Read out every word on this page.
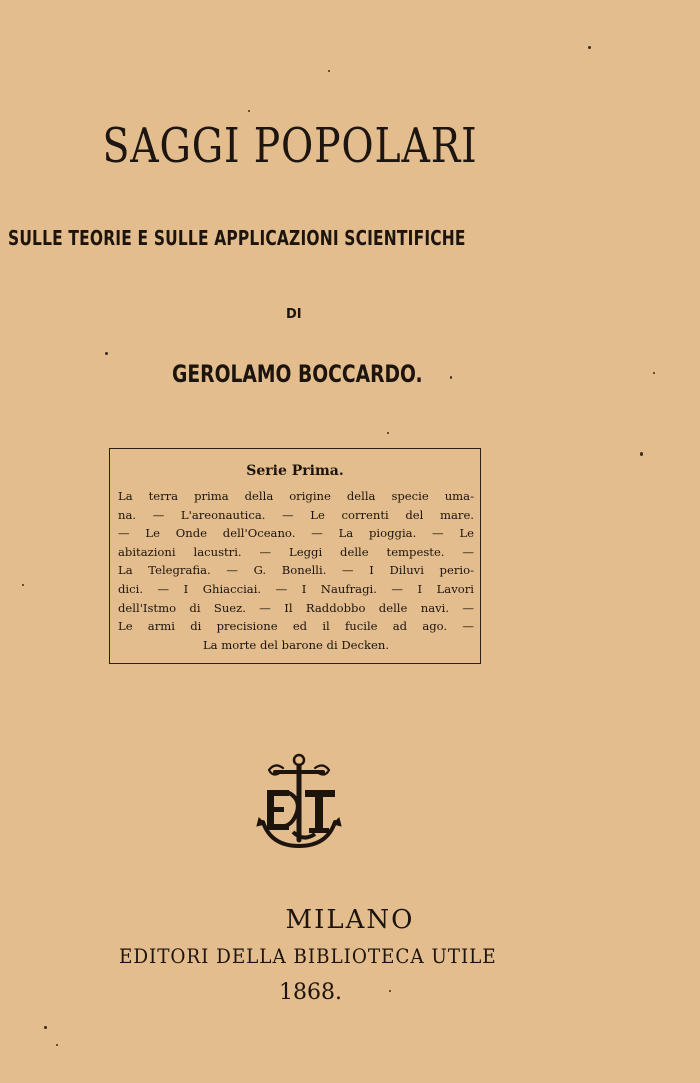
SAGGI POPOLARI
SULLE TEORIE E SULLE APPLICAZIONI SCIENTIFICHE
DI
GEROLAMO BOCCARDO.
Serie Prima.
La terra prima della origine della specie uma-
na. — L'areonautica. — Le correnti del mare.
— Le Onde dell'Oceano. — La pioggia. — Le
abitazioni lacustri. — Leggi delle tempeste. —
La Telegrafia. — G. Bonelli. — I Diluvi perio-
dici. — I Ghiacciai. — I Naufragi. — I Lavori
dell'Istmo di Suez. — Il Raddobbo delle navi. —
Le armi di precisione ed il fucile ad ago. —
La morte del barone di Decken.
MILANO
EDITORI DELLA BIBLIOTECA UTILE
1868.
